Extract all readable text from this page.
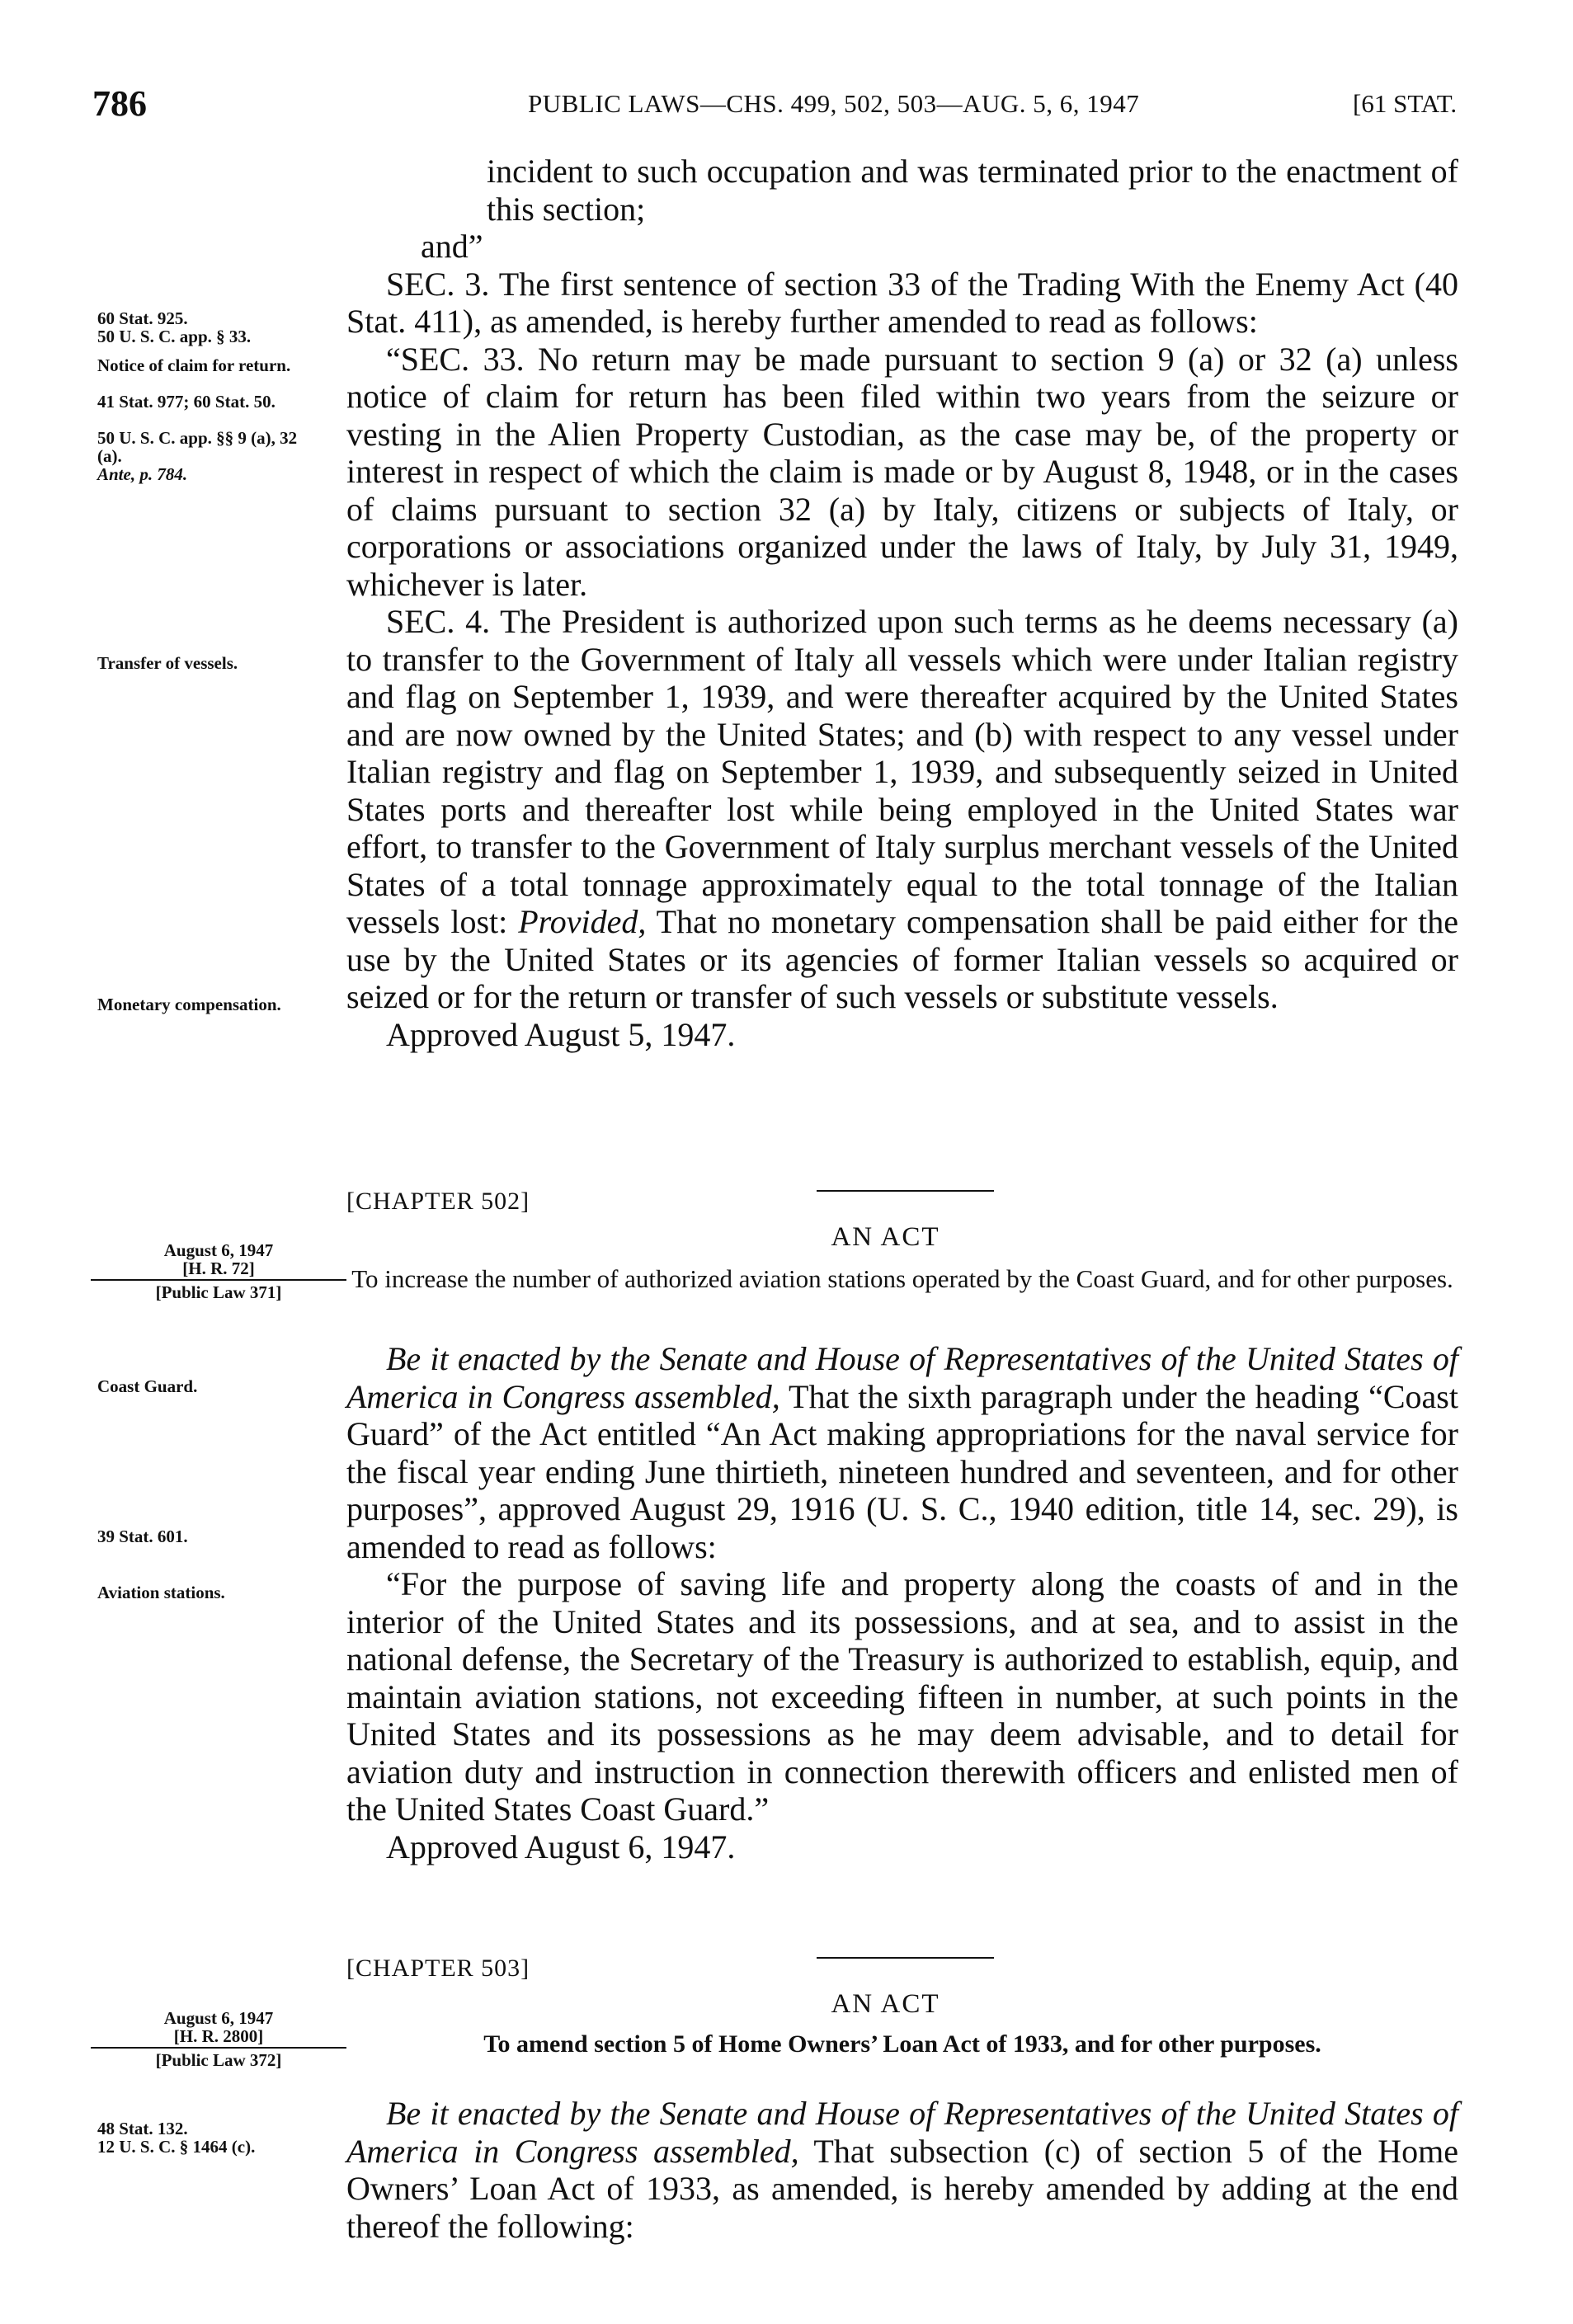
786	PUBLIC LAWS—CHS. 499, 502, 503—AUG. 5, 6, 1947	[61 STAT.

incident to such occupation and was terminated prior to the enactment of this section;

and”

SEC. 3. The first sentence of section 33 of the Trading With the Enemy Act (40 Stat. 411), as amended, is hereby further amended to read as follows:

“SEC. 33. No return may be made pursuant to section 9 (a) or 32 (a) unless notice of claim for return has been filed within two years from the seizure or vesting in the Alien Property Custodian, as the case may be, of the property or interest in respect of which the claim is made or by August 8, 1948, or in the cases of claims pursuant to section 32 (a) by Italy, citizens or subjects of Italy, or corporations or associations organized under the laws of Italy, by July 31, 1949, whichever is later.

SEC. 4. The President is authorized upon such terms as he deems necessary (a) to transfer to the Government of Italy all vessels which were under Italian registry and flag on September 1, 1939, and were thereafter acquired by the United States and are now owned by the United States; and (b) with respect to any vessel under Italian registry and flag on September 1, 1939, and subsequently seized in United States ports and thereafter lost while being employed in the United States war effort, to transfer to the Government of Italy surplus merchant vessels of the United States of a total tonnage approximately equal to the total tonnage of the Italian vessels lost: Provided, That no monetary compensation shall be paid either for the use by the United States or its agencies of former Italian vessels so acquired or seized or for the return or transfer of such vessels or substitute vessels.

Approved August 5, 1947.

60 Stat. 925.
50 U. S. C. app. § 33.
Notice of claim for return.
41 Stat. 977; 60 Stat. 50.
50 U. S. C. app. §§ 9 (a), 32 (a).
Ante, p. 784.
Transfer of vessels.
Monetary compensation.
[CHAPTER 502]
AN ACT
To increase the number of authorized aviation stations operated by the Coast Guard, and for other purposes.
August 6, 1947
[H. R. 72]
[Public Law 371]

Be it enacted by the Senate and House of Representatives of the United States of America in Congress assembled, That the sixth paragraph under the heading “Coast Guard” of the Act entitled “An Act making appropriations for the naval service for the fiscal year ending June thirtieth, nineteen hundred and seventeen, and for other purposes”, approved August 29, 1916 (U. S. C., 1940 edition, title 14, sec. 29), is amended to read as follows:

“For the purpose of saving life and property along the coasts of and in the interior of the United States and its possessions, and at sea, and to assist in the national defense, the Secretary of the Treasury is authorized to establish, equip, and maintain aviation stations, not exceeding fifteen in number, at such points in the United States and its possessions as he may deem advisable, and to detail for aviation duty and instruction in connection therewith officers and enlisted men of the United States Coast Guard.”

Approved August 6, 1947.

Coast Guard.
39 Stat. 601.
Aviation stations.
[CHAPTER 503]
AN ACT
To amend section 5 of Home Owners’ Loan Act of 1933, and for other purposes.
August 6, 1947
[H. R. 2800]
[Public Law 372]

Be it enacted by the Senate and House of Representatives of the United States of America in Congress assembled, That subsection (c) of section 5 of the Home Owners’ Loan Act of 1933, as amended, is hereby amended by adding at the end thereof the following:

48 Stat. 132.
12 U. S. C. § 1464 (c).
